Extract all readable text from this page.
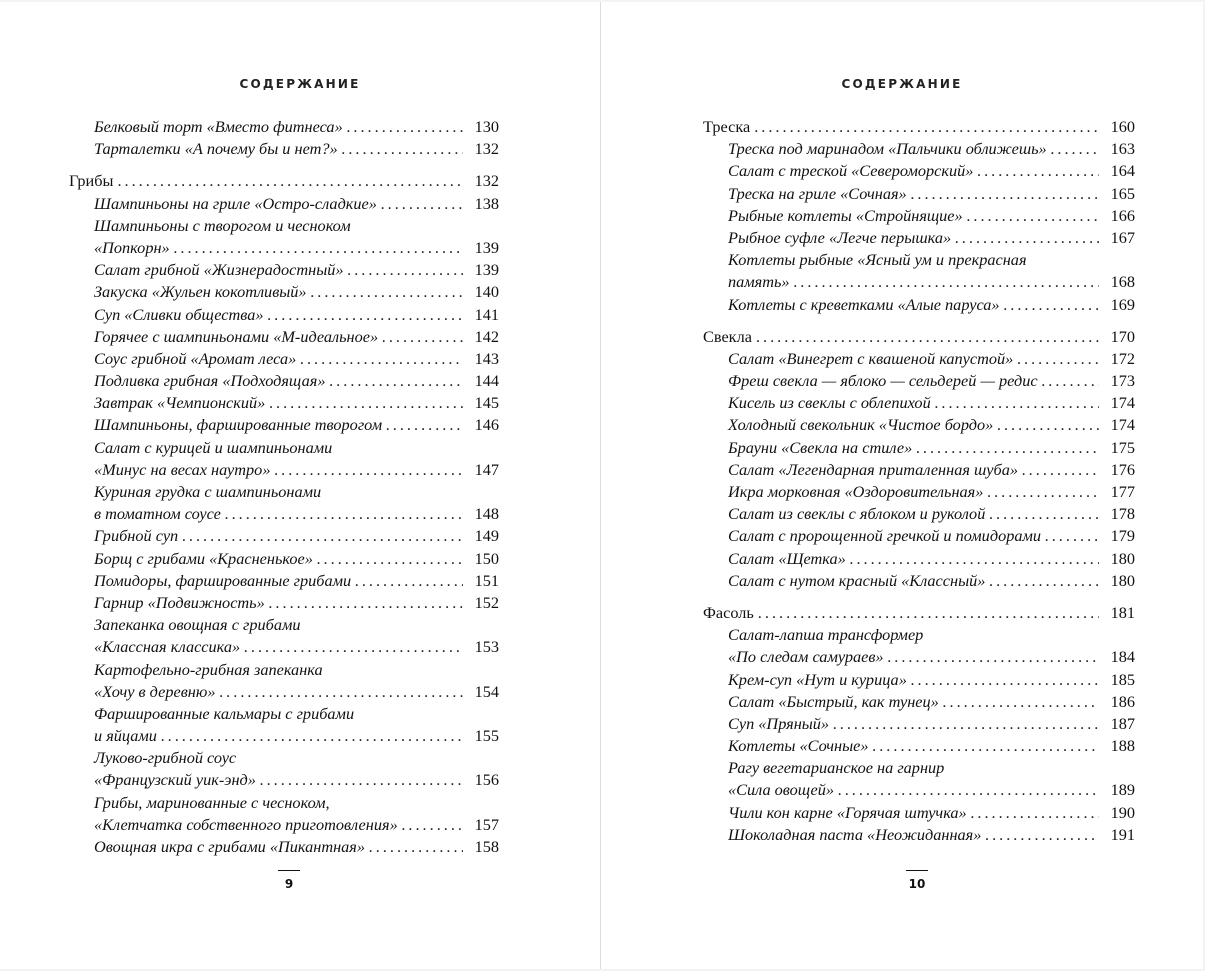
СОДЕРЖАНИЕ
Белковый торт «Вместо фитнеса» .....	130
Тарталетки «А почему бы и нет?» .....	132
Грибы .....	132
Шампиньоны на гриле «Остро-сладкие» .....	138
Шампиньоны с творогом и чесноком
«Попкорн» .....	139
Салат грибной «Жизнерадостный» .....	139
Закуска «Жульен кокотливый» .....	140
Суп «Сливки общества» .....	141
Горячее с шампиньонами «М-идеальное» .....	142
Соус грибной «Аромат леса» .....	143
Подливка грибная «Подходящая» .....	144
Завтрак «Чемпионский» .....	145
Шампиньоны, фаршированные творогом .....	146
Салат с курицей и шампиньонами
«Минус на весах наутро» .....	147
Куриная грудка с шампиньонами
в томатном соусе .....	148
Грибной суп .....	149
Борщ с грибами «Красненькое» .....	150
Помидоры, фаршированные грибами .....	151
Гарнир «Подвижность» .....	152
Запеканка овощная с грибами
«Классная классика» .....	153
Картофельно-грибная запеканка
«Хочу в деревню» .....	154
Фаршированные кальмары с грибами
и яйцами .....	155
Луково-грибной соус
«Французский уик-энд» .....	156
Грибы, маринованные с чесноком,
«Клетчатка собственного приготовления» .....	157
Овощная икра с грибами «Пикантная» .....	158
9
СОДЕРЖАНИЕ
Треска .....	160
Треска под маринадом «Пальчики оближешь» .....	163
Салат с треской «Североморский» .....	164
Треска на гриле «Сочная» .....	165
Рыбные котлеты «Стройнящие» .....	166
Рыбное суфле «Легче перышка» .....	167
Котлеты рыбные «Ясный ум и прекрасная
память» .....	168
Котлеты с креветками «Алые паруса» .....	169
Свекла .....	170
Салат «Винегрет с квашеной капустой» .....	172
Фреш свекла — яблоко — сельдерей — редис .....	173
Кисель из свеклы с облепихой .....	174
Холодный свекольник «Чистое бордо» .....	174
Брауни «Свекла на стиле» .....	175
Салат «Легендарная приталенная шуба» .....	176
Икра морковная «Оздоровительная» .....	177
Салат из свеклы с яблоком и руколой .....	178
Салат с пророщенной гречкой и помидорами .....	179
Салат «Щетка» .....	180
Салат с нутом красный «Классный» .....	180
Фасоль .....	181
Салат-лапша трансформер
«По следам самураев» .....	184
Крем-суп «Нут и курица» .....	185
Салат «Быстрый, как тунец» .....	186
Суп «Пряный» .....	187
Котлеты «Сочные» .....	188
Рагу вегетарианское на гарнир
«Сила овощей» .....	189
Чили кон карне «Горячая штучка» .....	190
Шоколадная паста «Неожиданная» .....	191
10
